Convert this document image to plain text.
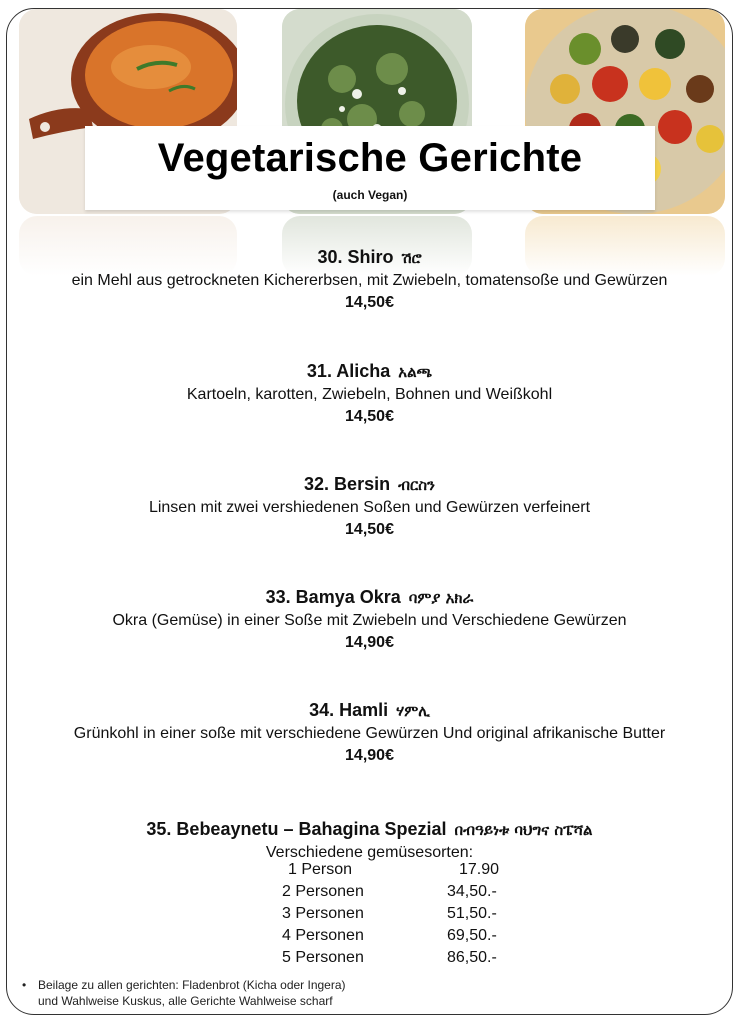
Vegetarische Gerichte
(auch Vegan)
30. Shiro ሽሮ
ein Mehl aus getrockneten Kichererbsen, mit Zwiebeln, tomatensoße und Gewürzen
14,50€
31. Alicha አልጫ
Kartoeln, karotten, Zwiebeln, Bohnen und Weißkohl
14,50€
32. Bersin ብርስን
Linsen mit zwei vershiedenen Soßen und Gewürzen verfeinert
14,50€
33. Bamya Okra ባምያ አክራ
Okra (Gemüse) in einer Soße mit Zwiebeln und Verschiedene Gewürzen
14,90€
34. Hamli ሃምሊ
Grünkohl in einer soße mit verschiedene Gewürzen Und original afrikanische Butter
14,90€
35. Bebeaynetu – Bahagina Spezial በብዓይነቱ ባህግና ስፔሻል
Verschiedene gemüsesorten:
1 Person	17.90
2 Personen	34,50.-
3 Personen	51,50.-
4 Personen	69,50.-
5 Personen	86,50.-
• Beilage zu allen gerichten: Fladenbrot (Kicha oder Ingera)
und Wahlweise Kuskus, alle Gerichte Wahlweise scharf
